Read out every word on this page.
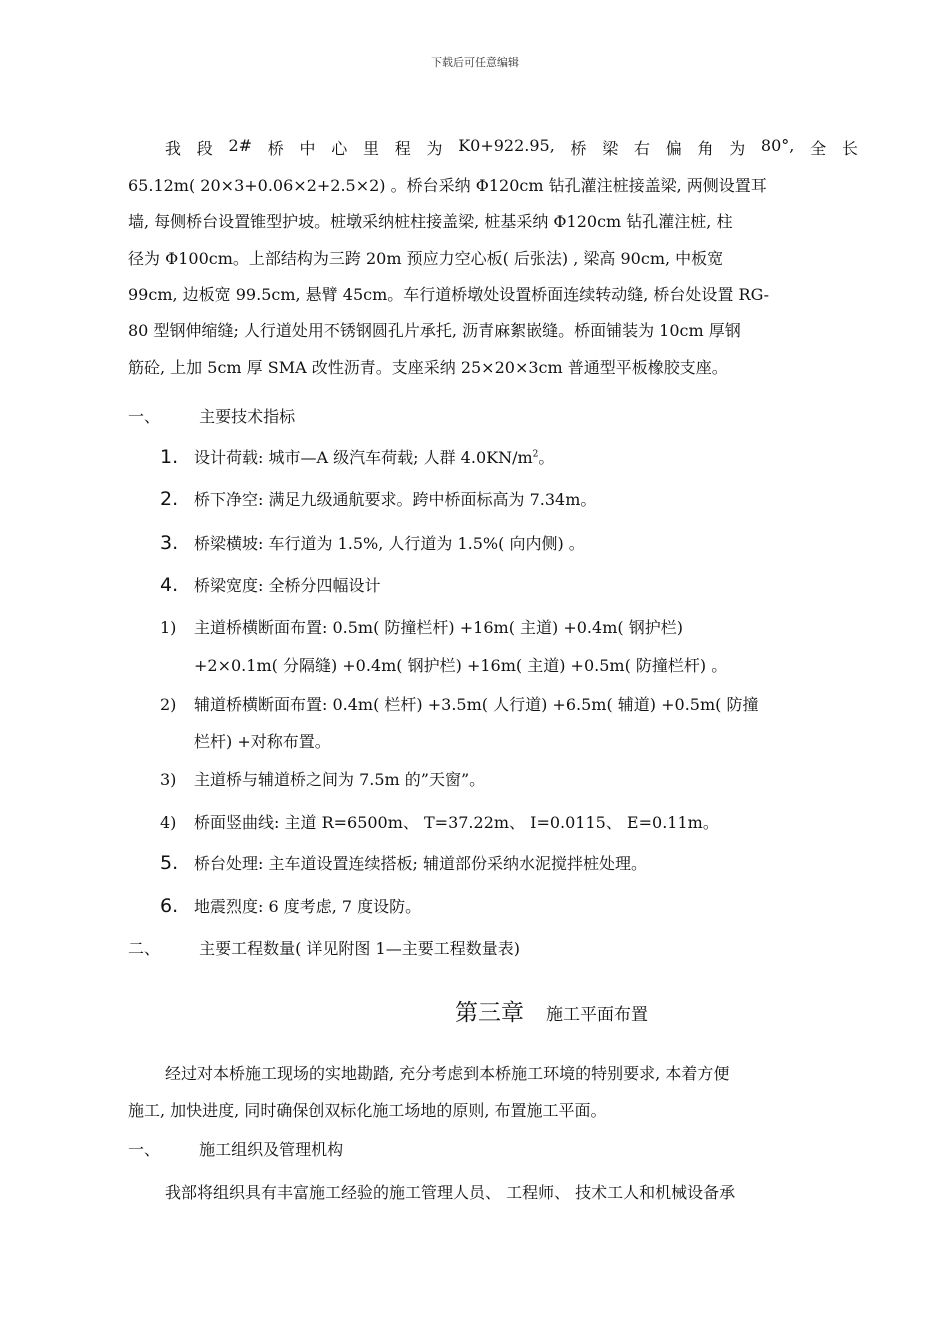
下载后可任意编辑
我 段 2# 桥 中 心 里 程 为 K0+922.95, 桥 梁 右 偏 角 为 80°, 全 长
65.12m( 20×3+0.06×2+2.5×2) 。桥台采纳 Φ120cm 钻孔灌注桩接盖梁, 两侧设置耳
墙, 每侧桥台设置锥型护坡。桩墩采纳桩柱接盖梁, 桩基采纳 Φ120cm 钻孔灌注桩, 柱
径为 Φ100cm。上部结构为三跨 20m 预应力空心板( 后张法) , 梁高 90cm, 中板宽
99cm, 边板宽 99.5cm, 悬臂 45cm。车行道桥墩处设置桥面连续转动缝, 桥台处设置 RG-
80 型钢伸缩缝; 人行道处用不锈钢圆孔片承托, 沥青麻絮嵌缝。桥面铺装为 10cm 厚钢
筋砼, 上加 5cm 厚 SMA 改性沥青。支座采纳 25×20×3cm 普通型平板橡胶支座。
一、 主要技术指标
1. 设计荷载: 城市—A 级汽车荷载; 人群 $4.0KN/m^2$。
2. 桥下净空: 满足九级通航要求。跨中桥面标高为 7.34m。
3. 桥梁横坡: 车行道为 1.5%, 人行道为 1.5%( 向内侧) 。
4. 桥梁宽度: 全桥分四幅设计
1) 主道桥横断面布置: 0.5m( 防撞栏杆) +16m( 主道) +0.4m( 钢护栏)
+2×0.1m( 分隔缝) +0.4m( 钢护栏) +16m( 主道) +0.5m( 防撞栏杆) 。
2) 辅道桥横断面布置: 0.4m( 栏杆) +3.5m( 人行道) +6.5m( 辅道) +0.5m( 防撞
栏杆) +对称布置。
3) 主道桥与辅道桥之间为 7.5m 的”天窗”。
4) 桥面竖曲线: 主道 R=6500m、 T=37.22m、 I=0.0115、 E=0.11m。
5. 桥台处理: 主车道设置连续搭板; 辅道部份采纳水泥搅拌桩处理。
6. 地震烈度: 6 度考虑, 7 度设防。
二、 主要工程数量( 详见附图 1—主要工程数量表)
第三章 施工平面布置
经过对本桥施工现场的实地勘踏, 充分考虑到本桥施工环境的特别要求, 本着方便
施工, 加快进度, 同时确保创双标化施工场地的原则, 布置施工平面。
一、 施工组织及管理机构
我部将组织具有丰富施工经验的施工管理人员、 工程师、 技术工人和机械设备承
